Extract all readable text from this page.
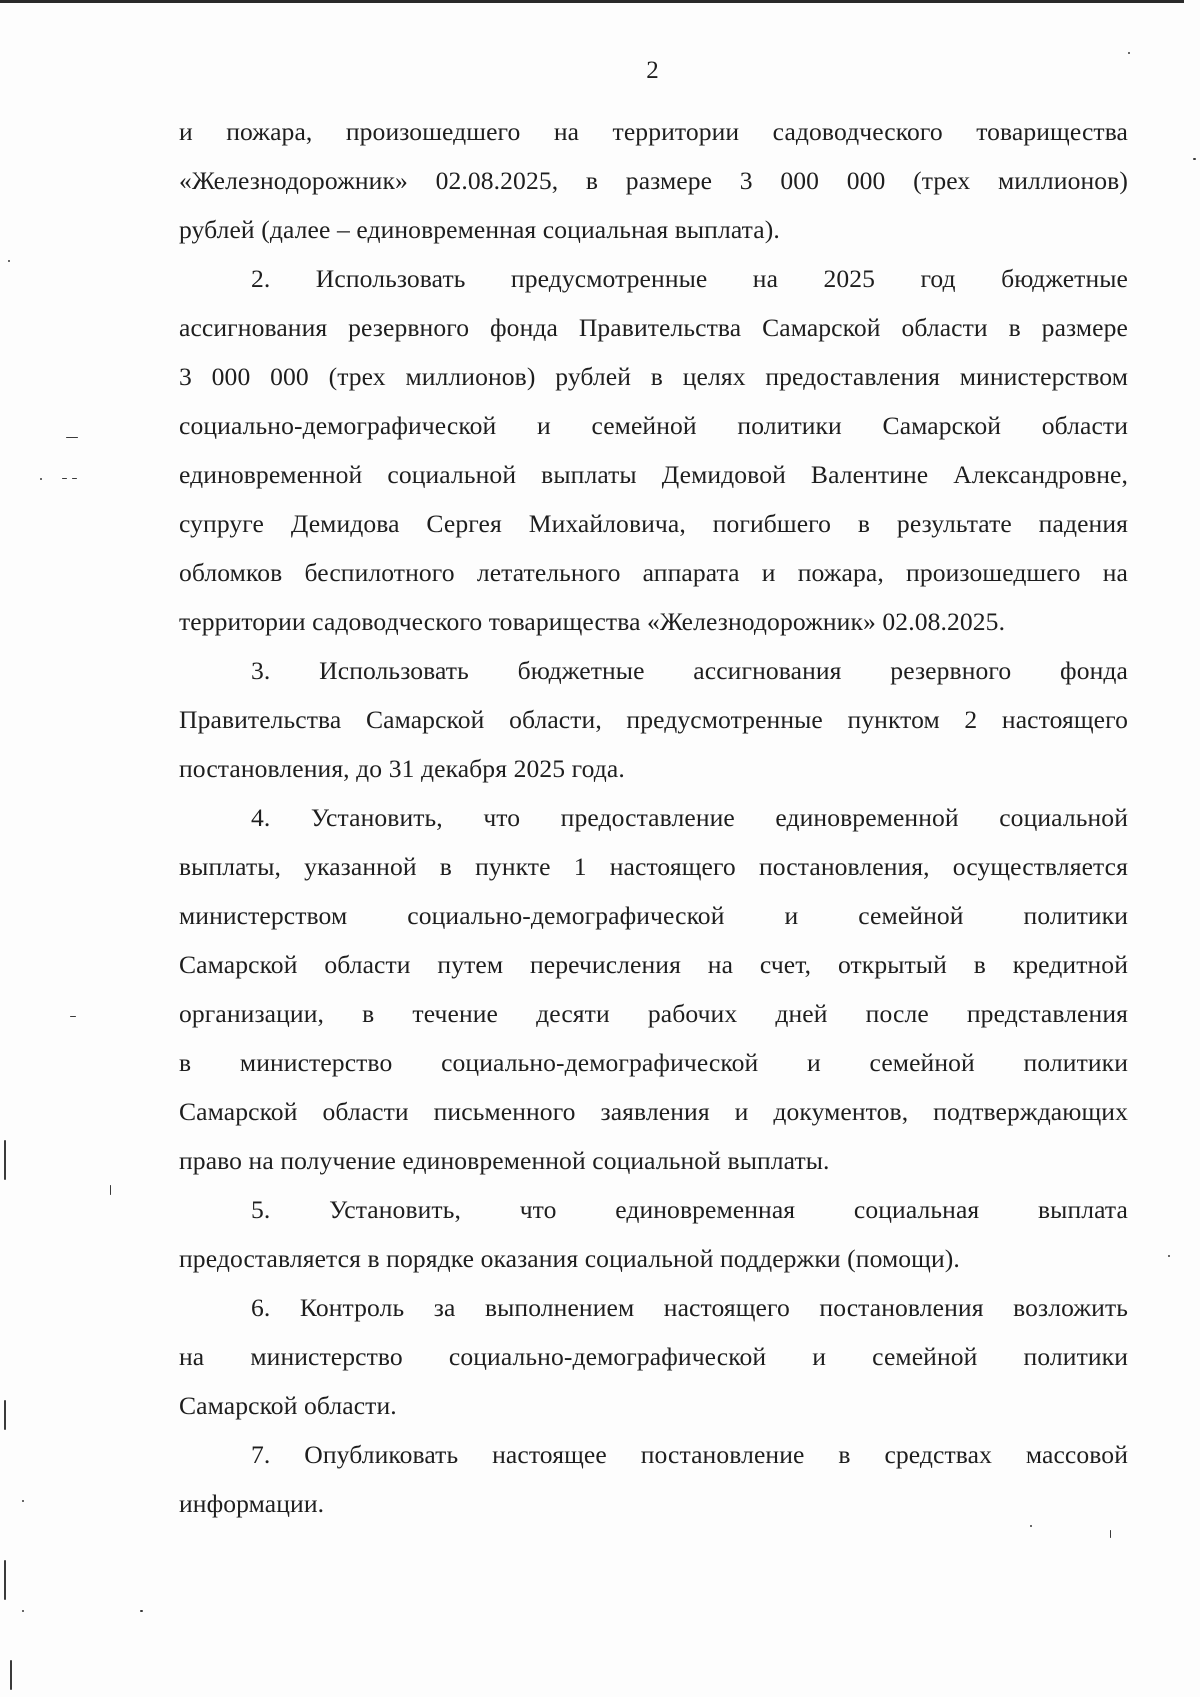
2
и пожара, произошедшего на территории садоводческого товарищества
«Железнодорожник» 02.08.2025, в размере 3 000 000 (трех миллионов)
рублей (далее – единовременная социальная выплата).
2. Использовать предусмотренные на 2025 год бюджетные
ассигнования резервного фонда Правительства Самарской области в размере
3 000 000 (трех миллионов) рублей в целях предоставления министерством
социально-демографической и семейной политики Самарской области
единовременной социальной выплаты Демидовой Валентине Александровне,
супруге Демидова Сергея Михайловича, погибшего в результате падения
обломков беспилотного летательного аппарата и пожара, произошедшего на
территории садоводческого товарищества «Железнодорожник» 02.08.2025.
3. Использовать бюджетные ассигнования резервного фонда
Правительства Самарской области, предусмотренные пунктом 2 настоящего
постановления, до 31 декабря 2025 года.
4. Установить, что предоставление единовременной социальной
выплаты, указанной в пункте 1 настоящего постановления, осуществляется
министерством социально-демографической и семейной политики
Самарской области путем перечисления на счет, открытый в кредитной
организации, в течение десяти рабочих дней после представления
в министерство социально-демографической и семейной политики
Самарской области письменного заявления и документов, подтверждающих
право на получение единовременной социальной выплаты.
5. Установить, что единовременная социальная выплата
предоставляется в порядке оказания социальной поддержки (помощи).
6. Контроль за выполнением настоящего постановления возложить
на министерство социально-демографической и семейной политики
Самарской области.
7. Опубликовать настоящее постановление в средствах массовой
информации.
